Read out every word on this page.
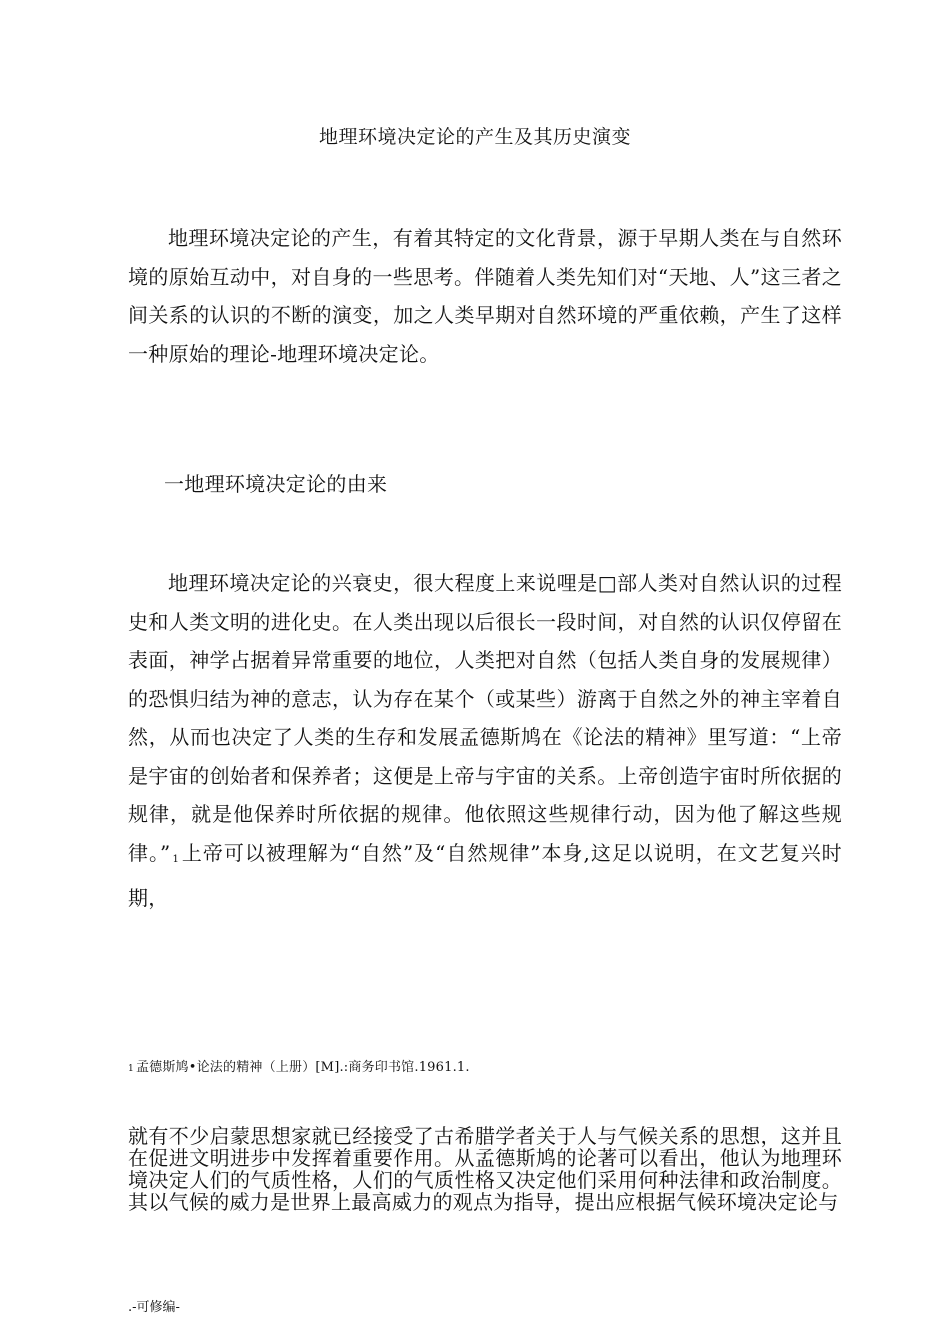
地理环境决定论的产生及其历史演变
地理环境决定论的产生，有着其特定的文化背景，源于早期人类在与自然环境的原始互动中，对自身的一些思考。伴随着人类先知们对“天地、人”这三者之间关系的认识的不断的演变，加之人类早期对自然环境的严重依赖，产生了这样一种原始的理论-地理环境决定论。
一地理环境决定论的由来
地理环境决定论的兴衰史，很大程度上来说哩是□部人类对自然认识的过程史和人类文明的进化史。在人类出现以后很长一段时间，对自然的认识仅停留在表面，神学占据着异常重要的地位，人类把对自然（包括人类自身的发展规律）的恐惧归结为神的意志，认为存在某个（或某些）游离于自然之外的神主宰着自然，从而也决定了人类的生存和发展孟德斯鸠在《论法的精神》里写道：“上帝是宇宙的创始者和保养者；这便是上帝与宇宙的关系。上帝创造宇宙时所依据的规律，就是他保养时所依据的规律。他依照这些规律行动，因为他了解这些规律。” $_1$ 上帝可以被理解为“自然”及“自然规律”本身,这足以说明，在文艺复兴时期，
1 孟德斯鸠•论法的精神（上册）[M].:商务印书馆.1961.1.
就有不少启蒙思想家就已经接受了古希腊学者关于人与气候关系的思想，这并且在促进文明进步中发挥着重要作用。从孟德斯鸠的论著可以看出，他认为地理环境决定人们的气质性格，人们的气质性格又决定他们采用何种法律和政治制度。其以气候的威力是世界上最高威力的观点为指导，提出应根据气候环境决定论与
.-可修编-
